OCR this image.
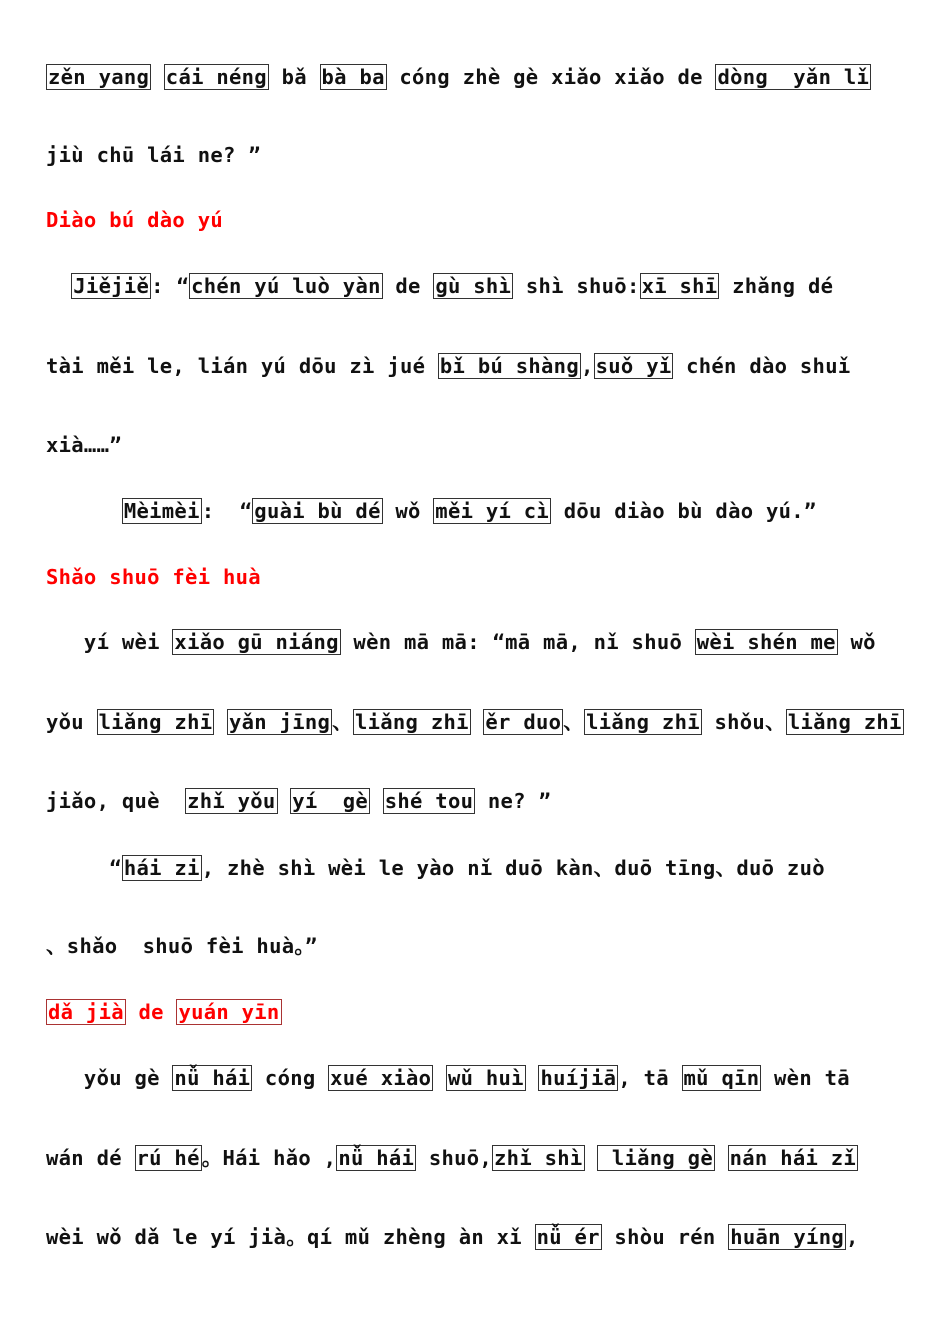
zěn yang cái néng bǎ bà ba cóng zhè gè xiǎo xiǎo de dòng  yǎn lǐ
jiù chū lái ne? ”
Diào bú dào yú
Jiějiě: “chén yú luò yàn de gù shì shì shuō:xī shī zhǎng dé
tài měi le, lián yú dōu zì jué bǐ bú shàng,suǒ yǐ chén dào shuǐ
xià……”
Mèimèi:  “guài bù dé wǒ měi yí cì dōu diào bù dào yú.”
Shǎo shuō fèi huà
yí wèi xiǎo gū niáng wèn mā mā: “mā mā, nǐ shuō wèi shén me wǒ
yǒu liǎng zhī yǎn jīng、liǎng zhī ěr duo、liǎng zhī shǒu、liǎng zhī
jiǎo, què  zhǐ yǒu yí  gè shé tou ne? ”
“hái zi, zhè shì wèi le yào nǐ duō kàn、duō tīng、duō zuò
、shǎo  shuō fèi huà。”
dǎ jià de yuán yīn
yǒu gè nǚ hái cóng xué xiào wǔ huì huíjiā, tā mǔ qīn wèn tā
wán dé rú hé。Hái hǎo ,nǚ hái shuō,zhǐ shì  liǎng gè nán hái zǐ
wèi wǒ dǎ le yí jià。qí mǔ zhèng àn xǐ nǚ ér shòu rén huān yíng,
